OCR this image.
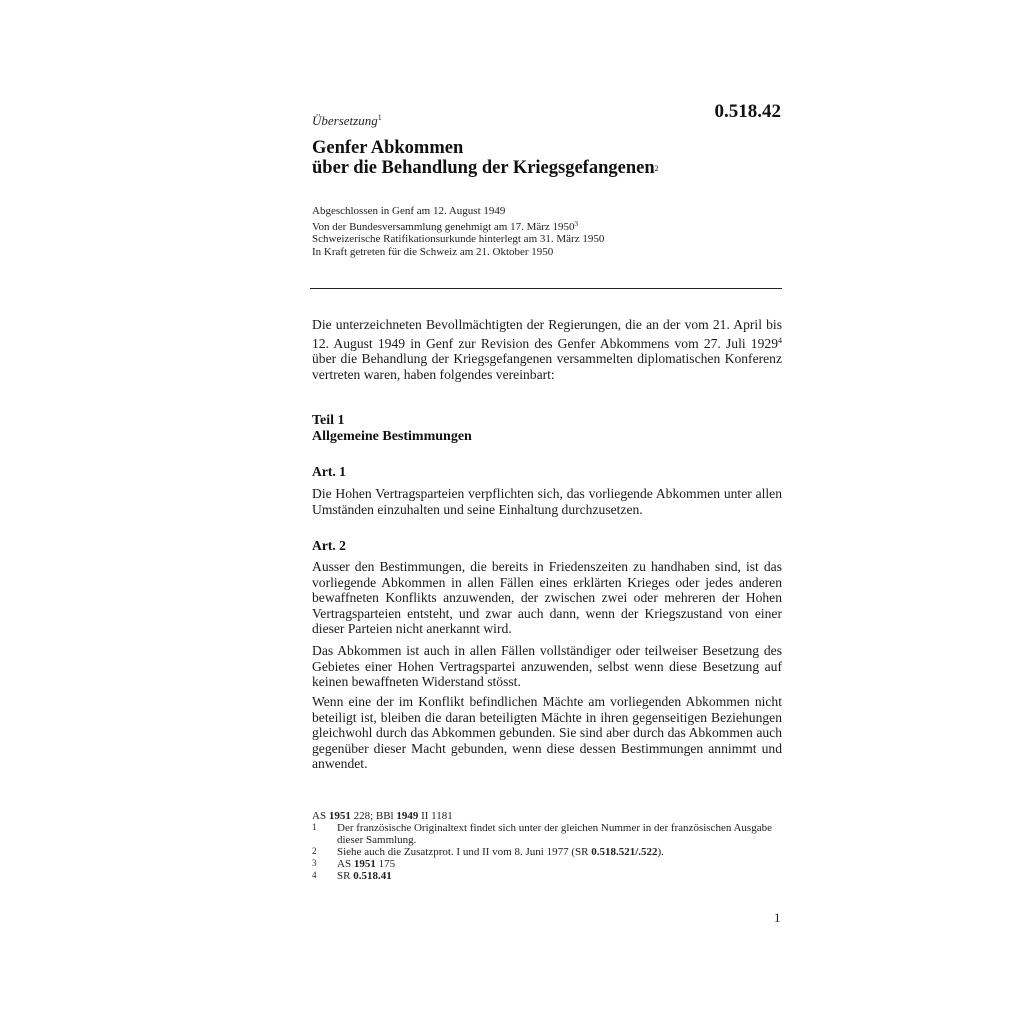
Übersetzung$^1$	0.518.42
Genfer Abkommen
über die Behandlung der Kriegsgefangenen$^2$
Abgeschlossen in Genf am 12. August 1949
Von der Bundesversammlung genehmigt am 17. März 1950$^3$
Schweizerische Ratifikationsurkunde hinterlegt am 31. März 1950
In Kraft getreten für die Schweiz am 21. Oktober 1950
Die unterzeichneten Bevollmächtigten der Regierungen, die an der vom 21. April bis 12. August 1949 in Genf zur Revision des Genfer Abkommens vom 27. Juli 1929$^4$ über die Behandlung der Kriegsgefangenen versammelten diplomatischen Konferenz vertreten waren, haben folgendes vereinbart:
Teil 1
Allgemeine Bestimmungen
Art. 1
Die Hohen Vertragsparteien verpflichten sich, das vorliegende Abkommen unter allen Umständen einzuhalten und seine Einhaltung durchzusetzen.
Art. 2
Ausser den Bestimmungen, die bereits in Friedenszeiten zu handhaben sind, ist das vorliegende Abkommen in allen Fällen eines erklärten Krieges oder jedes anderen bewaffneten Konflikts anzuwenden, der zwischen zwei oder mehreren der Hohen Vertragsparteien entsteht, und zwar auch dann, wenn der Kriegszustand von einer dieser Parteien nicht anerkannt wird.
Das Abkommen ist auch in allen Fällen vollständiger oder teilweiser Besetzung des Gebietes einer Hohen Vertragspartei anzuwenden, selbst wenn diese Besetzung auf keinen bewaffneten Widerstand stösst.
Wenn eine der im Konflikt befindlichen Mächte am vorliegenden Abkommen nicht beteiligt ist, bleiben die daran beteiligten Mächte in ihren gegenseitigen Beziehungen gleichwohl durch das Abkommen gebunden. Sie sind aber durch das Abkommen auch gegenüber dieser Macht gebunden, wenn diese dessen Bestimmungen annimmt und anwendet.
AS 1951 228; BBl 1949 II 1181
1	Der französische Originaltext findet sich unter der gleichen Nummer in der französischen Ausgabe dieser Sammlung.
2	Siehe auch die Zusatzprot. I und II vom 8. Juni 1977 (SR 0.518.521/.522).
3	AS 1951 175
4	SR 0.518.41
1
